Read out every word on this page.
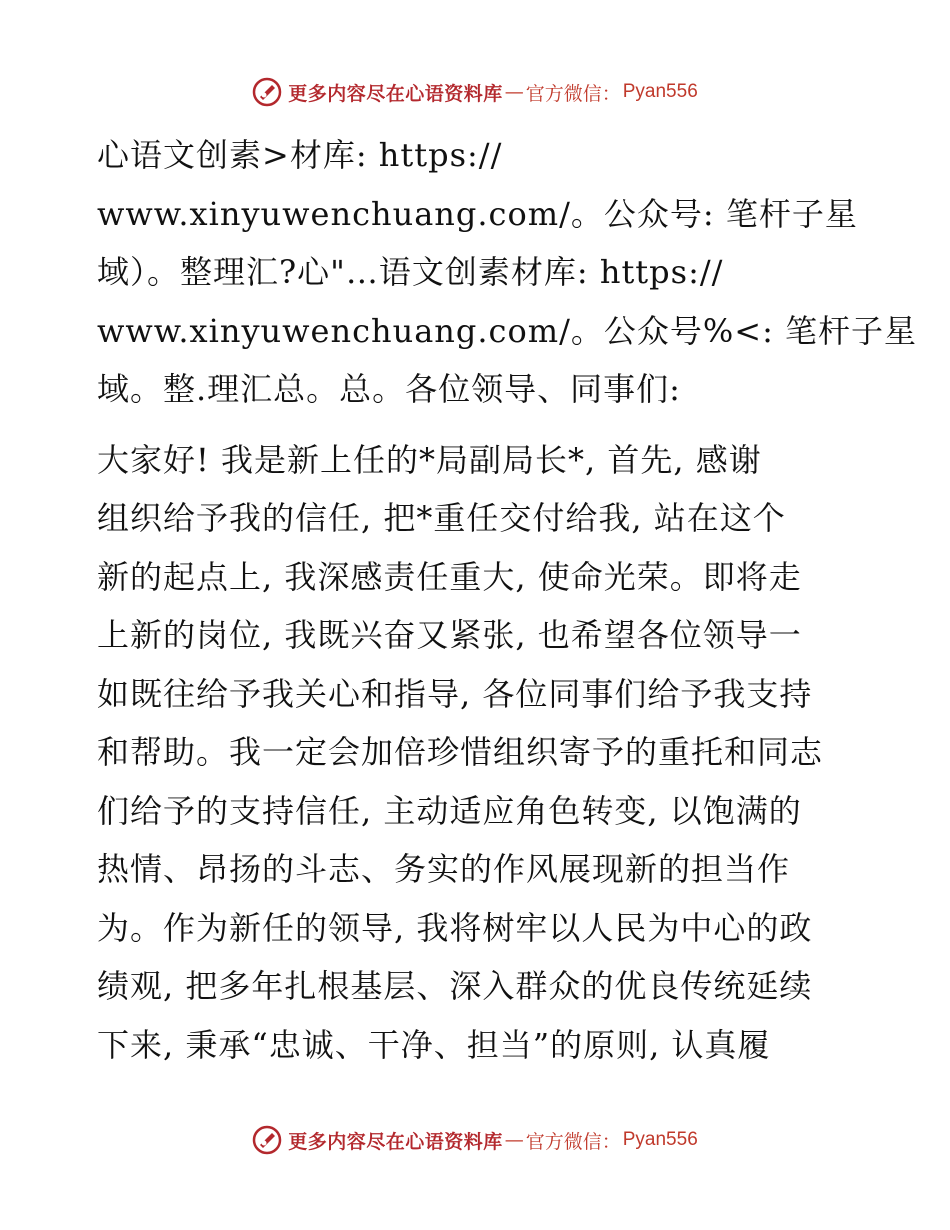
更多内容尽在心语资料库 — 官方微信： Pyan556
心语文创素>材库: https://
www.xinyuwenchuang.com/。公众号: 笔杆子星
域）。整理汇?心"…语文创素材库: https://
www.xinyuwenchuang.com/。公众号%<: 笔杆子星
域。整.理汇总。总。各位领导、同事们:
大家好! 我是新上任的*局副局长*, 首先, 感谢
组织给予我的信任, 把*重任交付给我, 站在这个
新的起点上, 我深感责任重大, 使命光荣。即将走
上新的岗位, 我既兴奋又紧张, 也希望各位领导一
如既往给予我关心和指导, 各位同事们给予我支持
和帮助。我一定会加倍珍惜组织寄予的重托和同志
们给予的支持信任, 主动适应角色转变, 以饱满的
热情、昂扬的斗志、务实的作风展现新的担当作
为。作为新任的领导, 我将树牢以人民为中心的政
绩观, 把多年扎根基层、深入群众的优良传统延续
下来, 秉承“忠诚、干净、担当”的原则, 认真履
更多内容尽在心语资料库 — 官方微信： Pyan556
